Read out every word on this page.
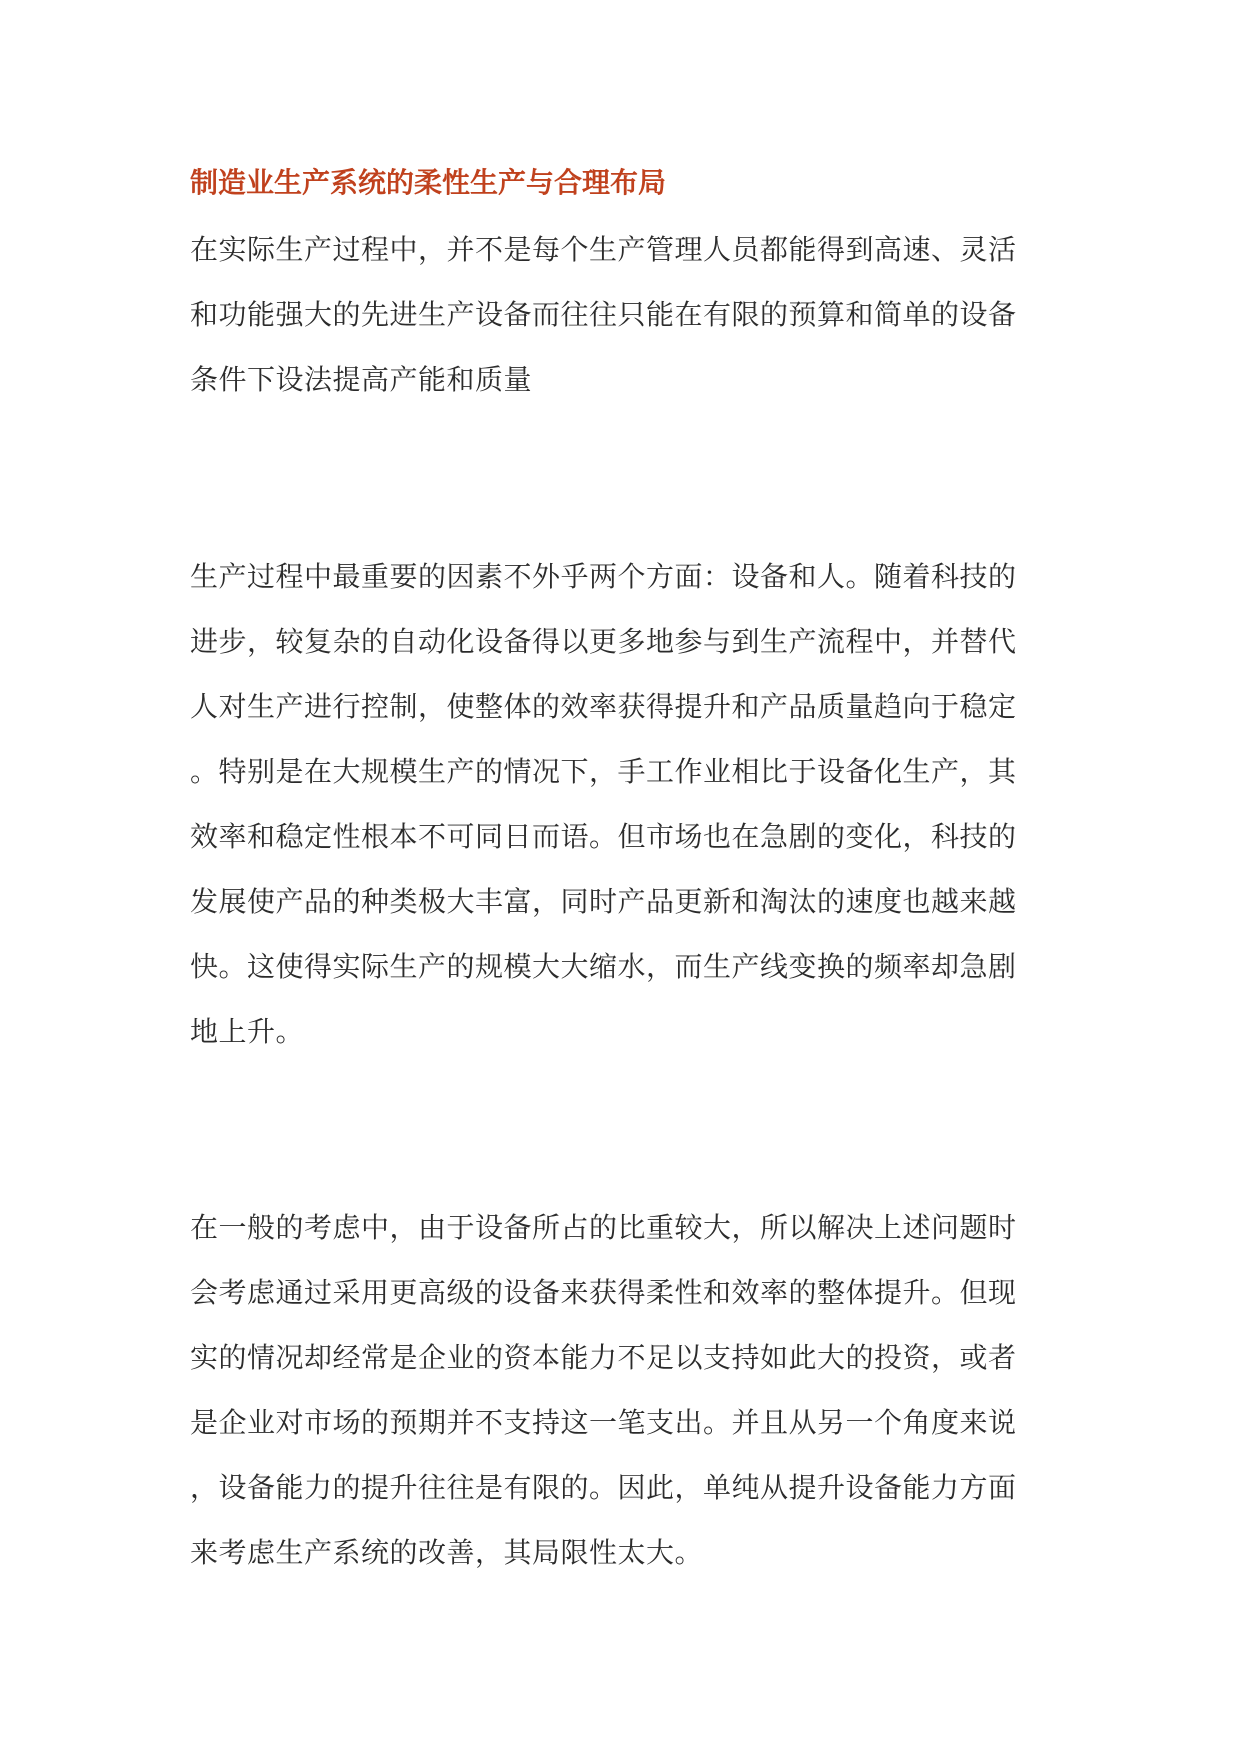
制造业生产系统的柔性生产与合理布局
在实际生产过程中，并不是每个生产管理人员都能得到高速、灵活
和功能强大的先进生产设备而往往只能在有限的预算和简单的设备
条件下设法提高产能和质量
生产过程中最重要的因素不外乎两个方面：设备和人。随着科技的
进步，较复杂的自动化设备得以更多地参与到生产流程中，并替代
人对生产进行控制，使整体的效率获得提升和产品质量趋向于稳定
。特别是在大规模生产的情况下，手工作业相比于设备化生产，其
效率和稳定性根本不可同日而语。但市场也在急剧的变化，科技的
发展使产品的种类极大丰富，同时产品更新和淘汰的速度也越来越
快。这使得实际生产的规模大大缩水，而生产线变换的频率却急剧
地上升。
在一般的考虑中，由于设备所占的比重较大，所以解决上述问题时
会考虑通过采用更高级的设备来获得柔性和效率的整体提升。但现
实的情况却经常是企业的资本能力不足以支持如此大的投资，或者
是企业对市场的预期并不支持这一笔支出。并且从另一个角度来说
，设备能力的提升往往是有限的。因此，单纯从提升设备能力方面
来考虑生产系统的改善，其局限性太大。
